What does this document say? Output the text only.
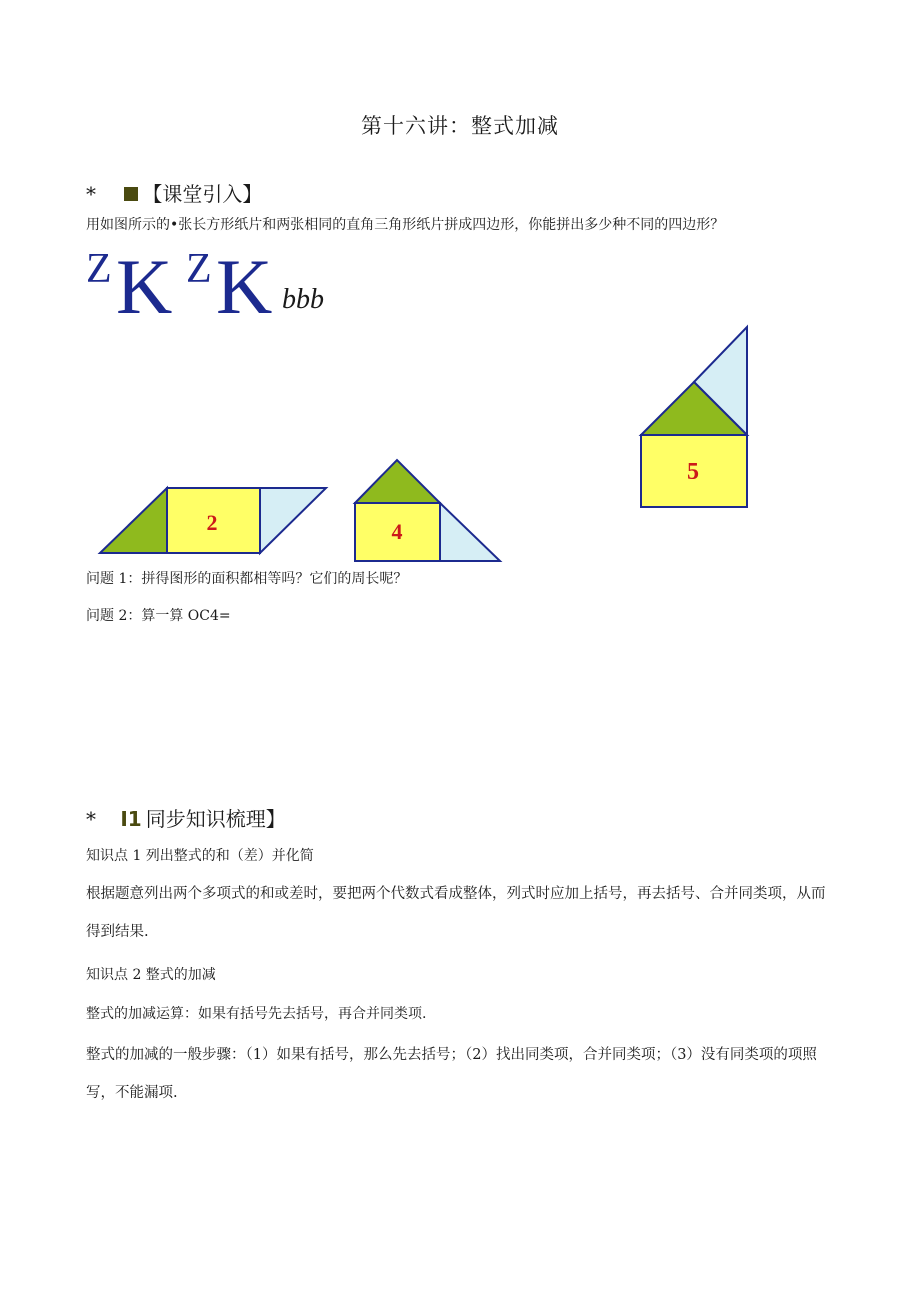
第十六讲：整式加减
* 【课堂引入】
用如图所示的•张长方形纸片和两张相同的直角三角形纸片拼成四边形，你能拼出多少种不同的四边形？
Z K Z K bbb
2	4
5
问题 1：拼得图形的面积都相等吗？它们的周长呢？
问题 2：算一算 OC4=
* I1 同步知识梳理】
知识点 1 列出整式的和（差）并化简
根据题意列出两个多项式的和或差时，要把两个代数式看成整体，列式时应加上括号，再去括号、合并同类项，从而得到结果.
知识点 2 整式的加减
整式的加减运算：如果有括号先去括号，再合并同类项.
整式的加减的一般步骤：（1）如果有括号，那么先去括号；（2）找出同类项，合并同类项；（3）没有同类项的项照写，不能漏项.
